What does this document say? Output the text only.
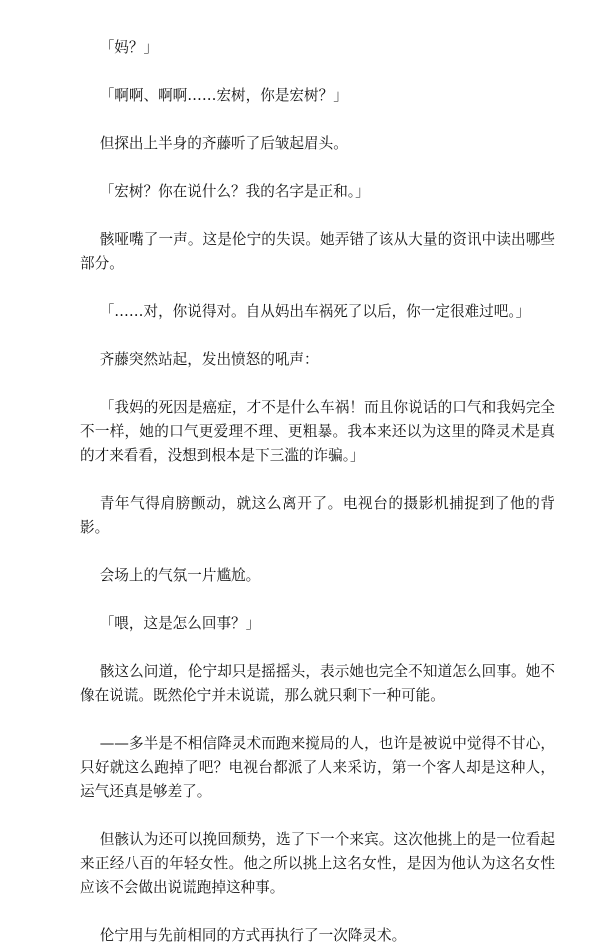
「妈？」

「啊啊、啊啊……宏树，你是宏树？」

但探出上半身的齐藤听了后皱起眉头。

「宏树？你在说什么？我的名字是正和。」

骸哑嘴了一声。这是伦宁的失误。她弄错了该从大量的资讯中读出哪些部分。

「……对，你说得对。自从妈出车祸死了以后，你一定很难过吧。」

齐藤突然站起，发出愤怒的吼声：

「我妈的死因是癌症，才不是什么车祸！而且你说话的口气和我妈完全不一样，她的口气更爱理不理、更粗暴。我本来还以为这里的降灵术是真的才来看看，没想到根本是下三滥的诈骗。」

青年气得肩膀颤动，就这么离开了。电视台的摄影机捕捉到了他的背影。

会场上的气氛一片尴尬。

「喂，这是怎么回事？」

骸这么问道，伦宁却只是摇摇头，表示她也完全不知道怎么回事。她不像在说谎。既然伦宁并未说谎，那么就只剩下一种可能。

——多半是不相信降灵术而跑来搅局的人，也许是被说中觉得不甘心，只好就这么跑掉了吧？电视台都派了人来采访，第一个客人却是这种人，运气还真是够差了。

但骸认为还可以挽回颓势，选了下一个来宾。这次他挑上的是一位看起来正经八百的年轻女性。他之所以挑上这名女性，是因为他认为这名女性应该不会做出说谎跑掉这种事。

伦宁用与先前相同的方式再执行了一次降灵术。
